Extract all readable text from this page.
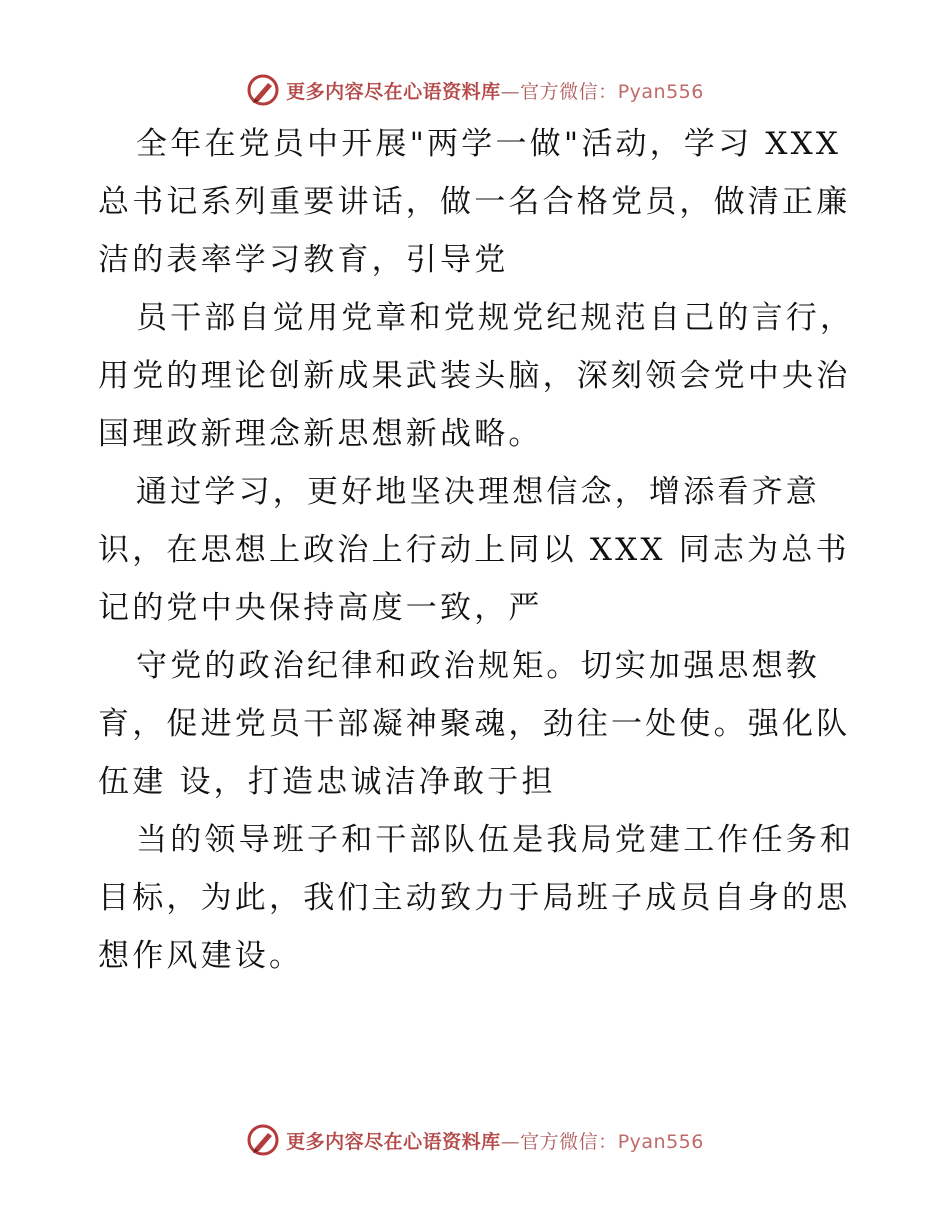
更多内容尽在心语资料库—官方微信：Pyan556

全年在党员中开展"两学一做"活动，学习 XXX 总书记系列重要讲话，做一名合格党员，做清正廉洁的表率学习教育，引导党

员干部自觉用党章和党规党纪规范自己的言行，用党的理论创新成果武装头脑，深刻领会党中央治国理政新理念新思想新战略。

通过学习，更好地坚决理想信念，增添看齐意识，在思想上政治上行动上同以 XXX 同志为总书记的党中央保持高度一致，严

守党的政治纪律和政治规矩。切实加强思想教育，促进党员干部凝神聚魂，劲往一处使。强化队伍建 设，打造忠诚洁净敢于担

当的领导班子和干部队伍是我局党建工作任务和目标，为此，我们主动致力于局班子成员自身的思想作风建设。

更多内容尽在心语资料库—官方微信：Pyan556
